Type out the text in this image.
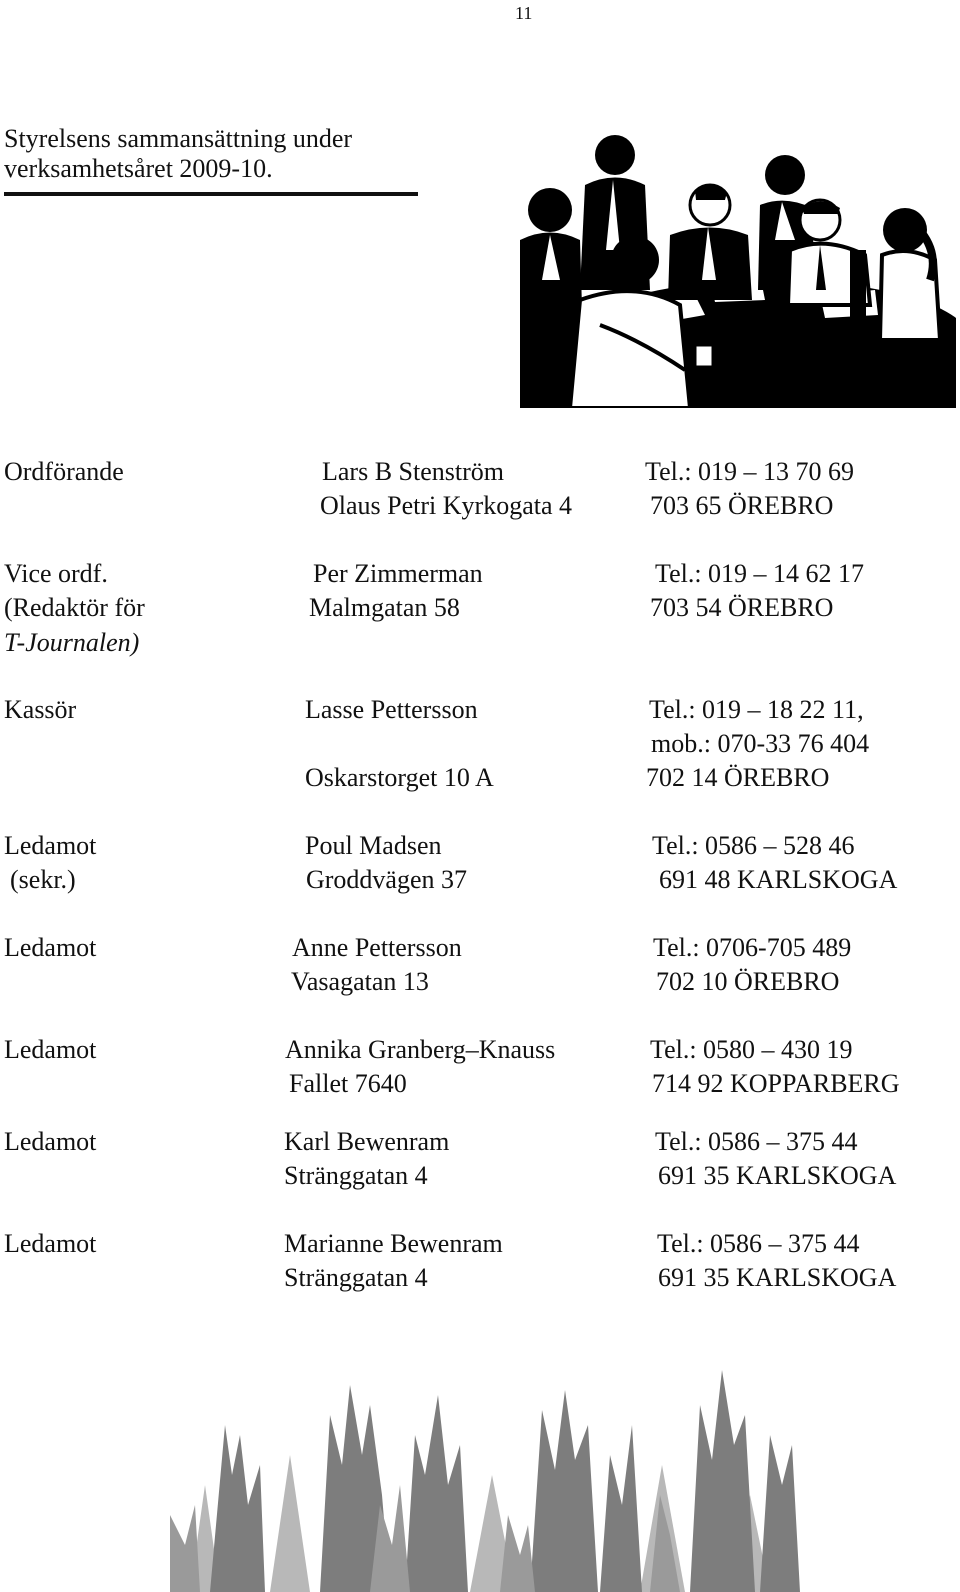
11
Styrelsens sammansättning under verksamhetsåret 2009-10.
Ordförande	Lars B Stenström	Tel.: 019 – 13 70 69
Olaus Petri Kyrkogata 4	703 65 ÖREBRO
Vice ordf.	Per Zimmerman	Tel.: 019 – 14 62 17
(Redaktör för	Malmgatan 58	703 54 ÖREBRO
T-Journalen)
Kassör	Lasse Pettersson	Tel.: 019 – 18 22 11,
mob.: 070-33 76 404
Oskarstorget 10 A	702 14 ÖREBRO
Ledamot	Poul Madsen	Tel.: 0586 – 528 46
(sekr.)	Groddvägen 37	691 48 KARLSKOGA
Ledamot	Anne Pettersson	Tel.: 0706-705 489
Vasagatan 13	702 10 ÖREBRO
Ledamot	Annika Granberg–Knauss	Tel.: 0580 – 430 19
Fallet 7640	714 92 KOPPARBERG
Ledamot	Karl Bewenram	Tel.: 0586 – 375 44
Stränggatan 4	691 35 KARLSKOGA
Ledamot	Marianne Bewenram	Tel.: 0586 – 375 44
Stränggatan 4	691 35 KARLSKOGA
